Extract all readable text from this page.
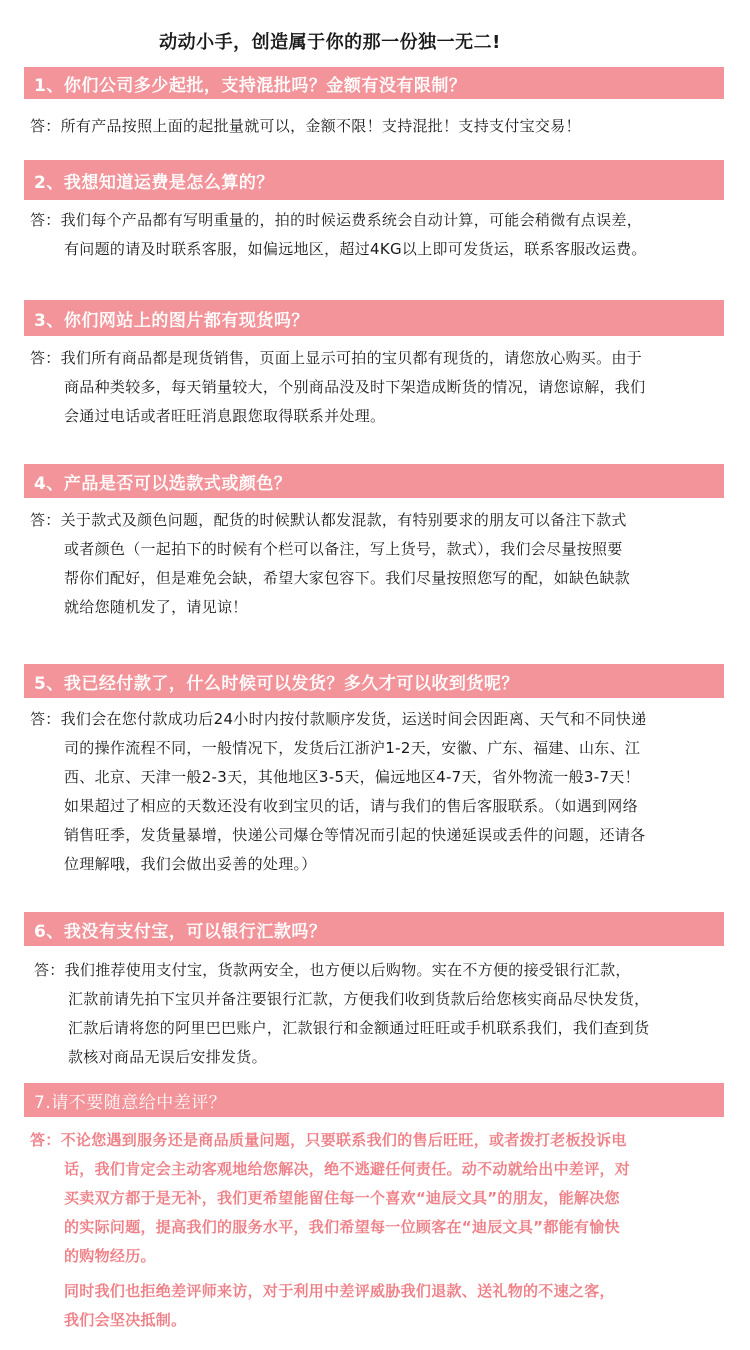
动动小手，创造属于你的那一份独一无二!
1、你们公司多少起批，支持混批吗？金额有没有限制？
答：所有产品按照上面的起批量就可以，金额不限！支持混批！支持支付宝交易！
2、我想知道运费是怎么算的？
答：我们每个产品都有写明重量的，拍的时候运费系统会自动计算，可能会稍微有点误差，
有问题的请及时联系客服，如偏远地区，超过4KG以上即可发货运，联系客服改运费。
3、你们网站上的图片都有现货吗？
答：我们所有商品都是现货销售，页面上显示可拍的宝贝都有现货的，请您放心购买。由于
商品种类较多，每天销量较大，个别商品没及时下架造成断货的情况，请您谅解，我们
会通过电话或者旺旺消息跟您取得联系并处理。
4、产品是否可以选款式或颜色？
答：关于款式及颜色问题，配货的时候默认都发混款，有特别要求的朋友可以备注下款式
或者颜色（一起拍下的时候有个栏可以备注，写上货号，款式），我们会尽量按照要
帮你们配好，但是难免会缺，希望大家包容下。我们尽量按照您写的配，如缺色缺款
就给您随机发了，请见谅！
5、我已经付款了，什么时候可以发货？多久才可以收到货呢？
答：我们会在您付款成功后24小时内按付款顺序发货，运送时间会因距离、天气和不同快递
司的操作流程不同，一般情况下，发货后江浙沪1-2天，安徽、广东、福建、山东、江
西、北京、天津一般2-3天，其他地区3-5天，偏远地区4-7天，省外物流一般3-7天！
如果超过了相应的天数还没有收到宝贝的话，请与我们的售后客服联系。（如遇到网络
销售旺季，发货量暴增，快递公司爆仓等情况而引起的快递延误或丢件的问题，还请各
位理解哦，我们会做出妥善的处理。）
6、我没有支付宝，可以银行汇款吗？
答：我们推荐使用支付宝，货款两安全，也方便以后购物。实在不方便的接受银行汇款，
汇款前请先拍下宝贝并备注要银行汇款，方便我们收到货款后给您核实商品尽快发货，
汇款后请将您的阿里巴巴账户，汇款银行和金额通过旺旺或手机联系我们，我们查到货
款核对商品无误后安排发货。
7.请不要随意给中差评？
答：不论您遇到服务还是商品质量问题，只要联系我们的售后旺旺，或者拨打老板投诉电
话，我们肯定会主动客观地给您解决，绝不逃避任何责任。动不动就给出中差评，对
买卖双方都于是无补，我们更希望能留住每一个喜欢“迪辰文具”的朋友，能解决您
的实际问题，提高我们的服务水平，我们希望每一位顾客在“迪辰文具”都能有愉快
的购物经历。
同时我们也拒绝差评师来访，对于利用中差评威胁我们退款、送礼物的不速之客，
我们会坚决抵制。
